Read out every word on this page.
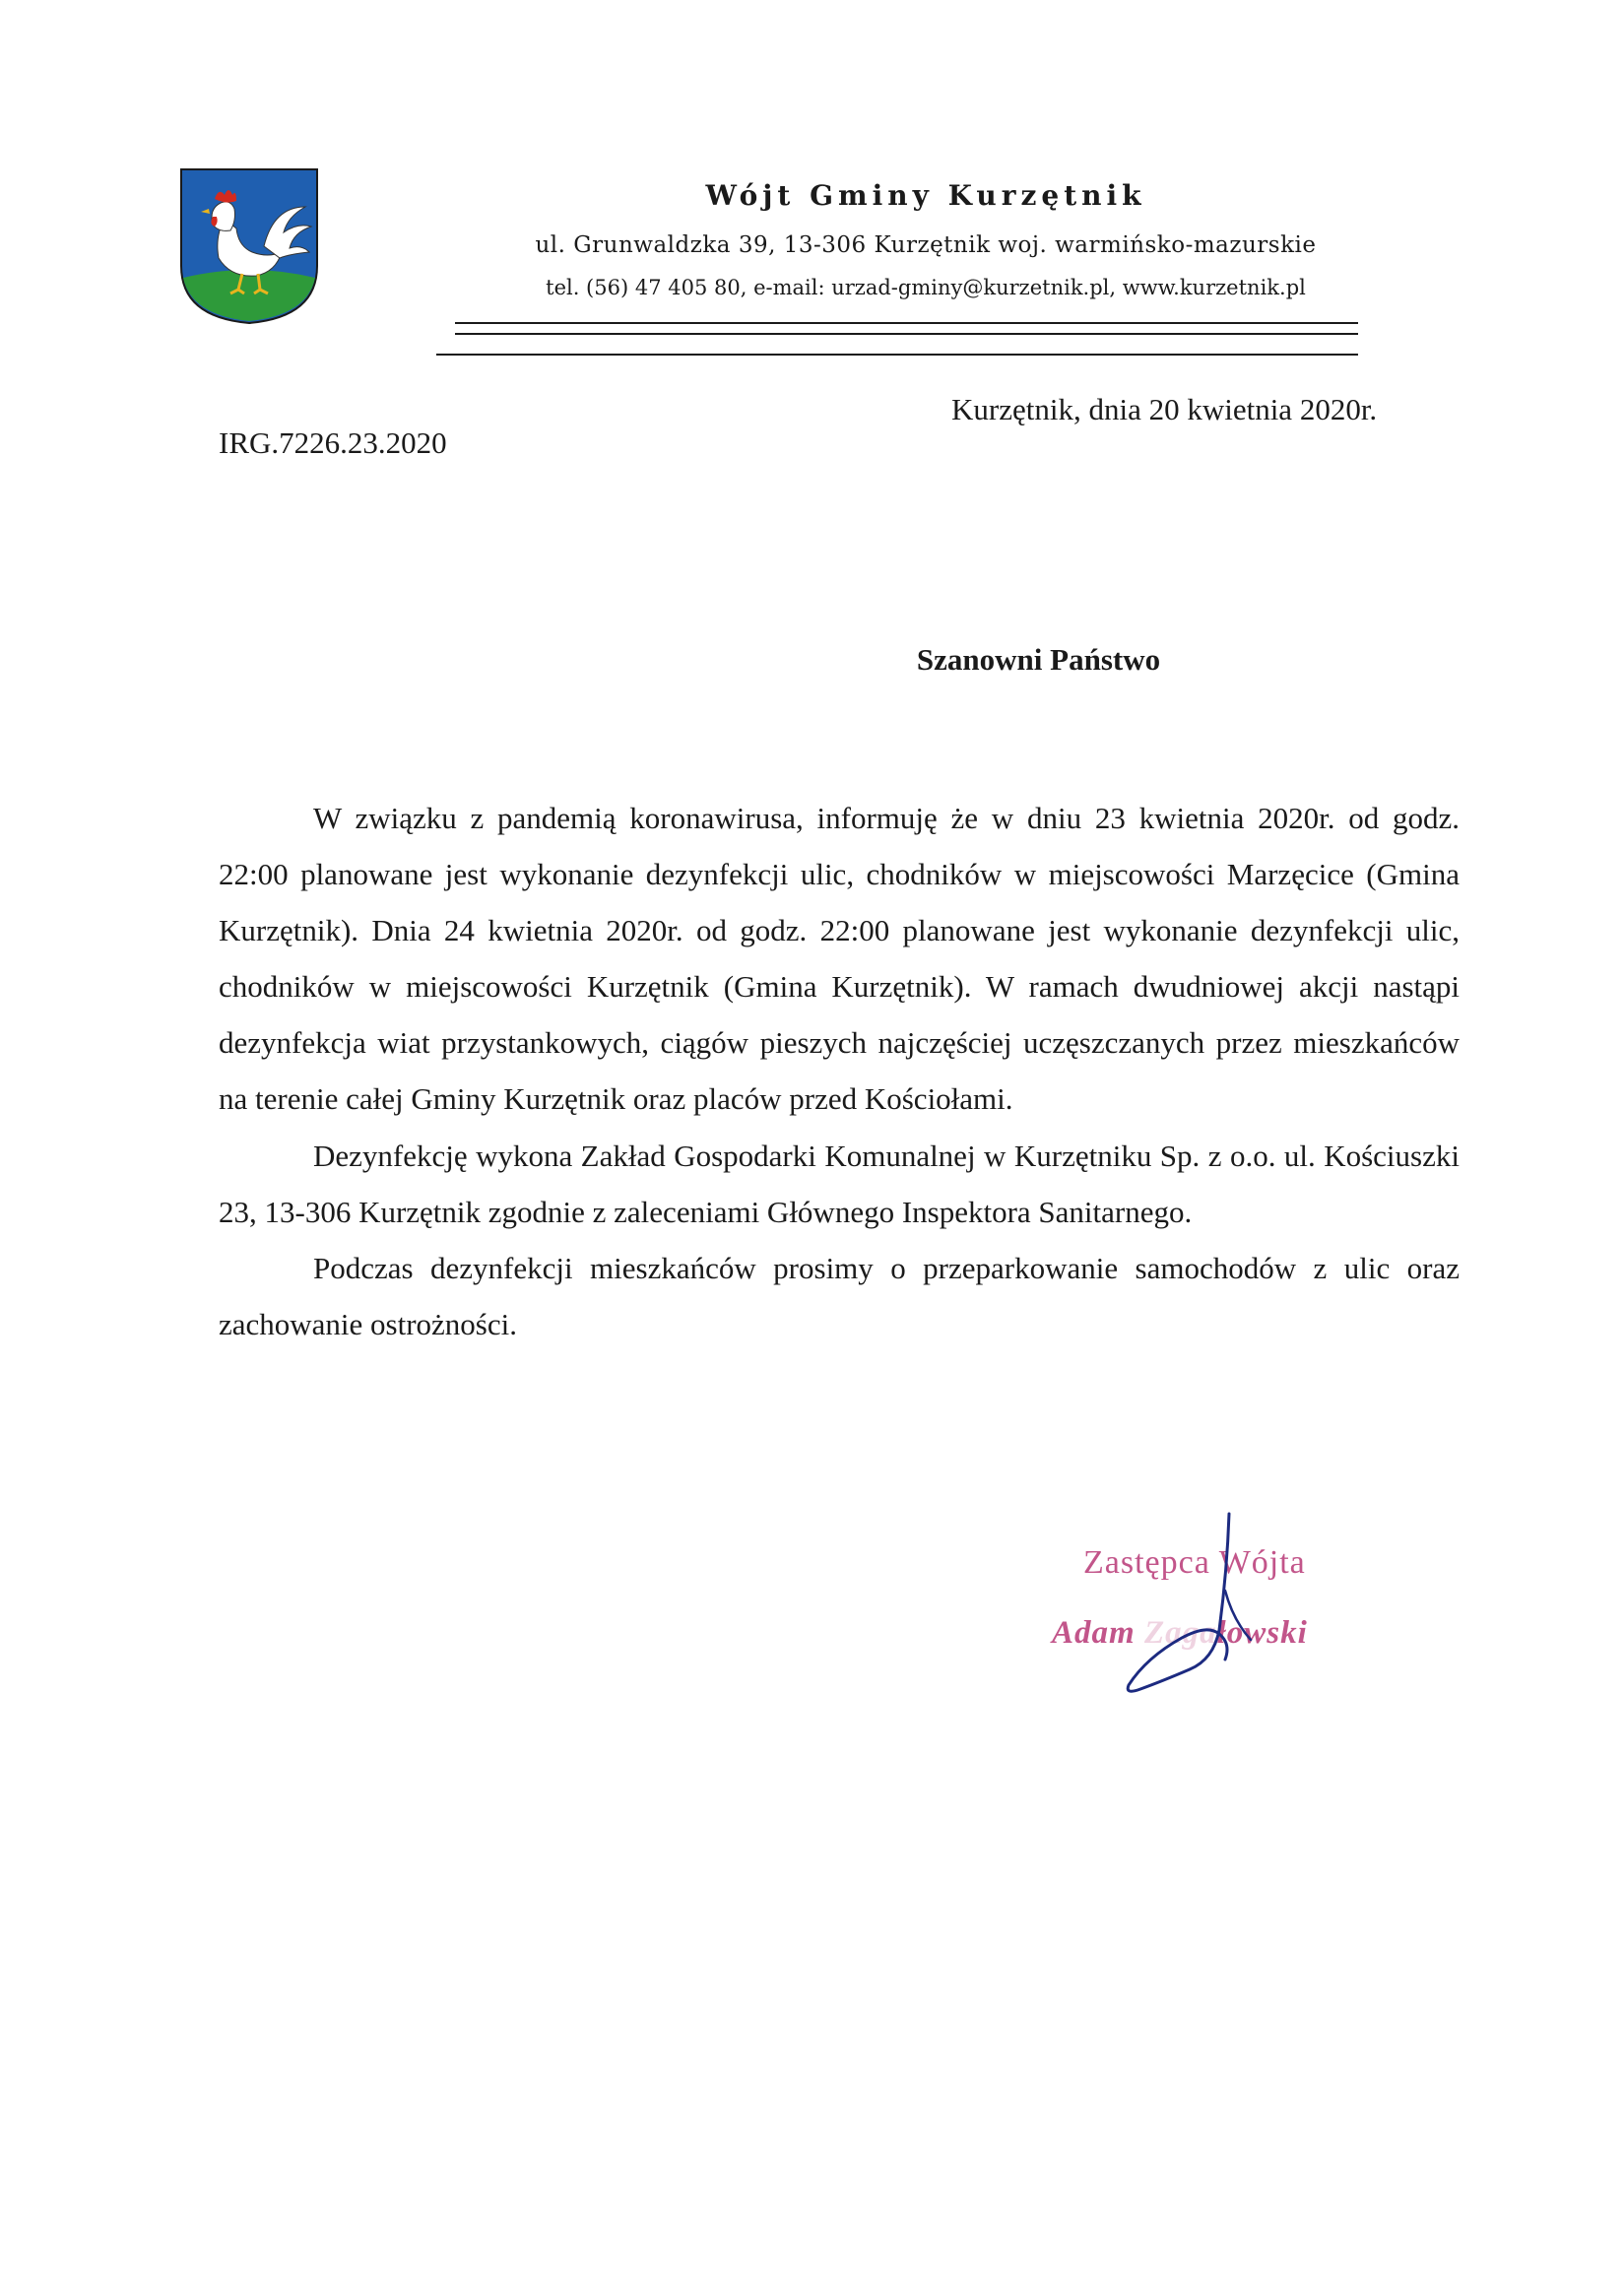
Wójt Gminy Kurzętnik
ul. Grunwaldzka 39, 13-306 Kurzętnik woj. warmińsko-mazurskie
tel. (56) 47 405 80, e-mail: urzad-gminy@kurzetnik.pl, www.kurzetnik.pl
IRG.7226.23.2020
Kurzętnik, dnia 20 kwietnia 2020r.
Szanowni Państwo

W związku z pandemią koronawirusa, informuję że w dniu 23 kwietnia 2020r. od godz. 22:00 planowane jest wykonanie dezynfekcji ulic, chodników w miejscowości Marzęcice (Gmina Kurzętnik). Dnia 24 kwietnia 2020r. od godz. 22:00 planowane jest wykonanie dezynfekcji ulic, chodników w miejscowości Kurzętnik (Gmina Kurzętnik). W ramach dwudniowej akcji nastąpi dezynfekcja wiat przystankowych, ciągów pieszych najczęściej uczęszczanych przez mieszkańców na terenie całej Gminy Kurzętnik oraz placów przed Kościołami.

Dezynfekcję wykona Zakład Gospodarki Komunalnej w Kurzętniku Sp. z o.o. ul. Kościuszki 23, 13-306 Kurzętnik zgodnie z zaleceniami Głównego Inspektora Sanitarnego.

Podczas dezynfekcji mieszkańców prosimy o przeparkowanie samochodów z ulic oraz zachowanie ostrożności.

Zastępca Wójta
Adam Zagałowski
